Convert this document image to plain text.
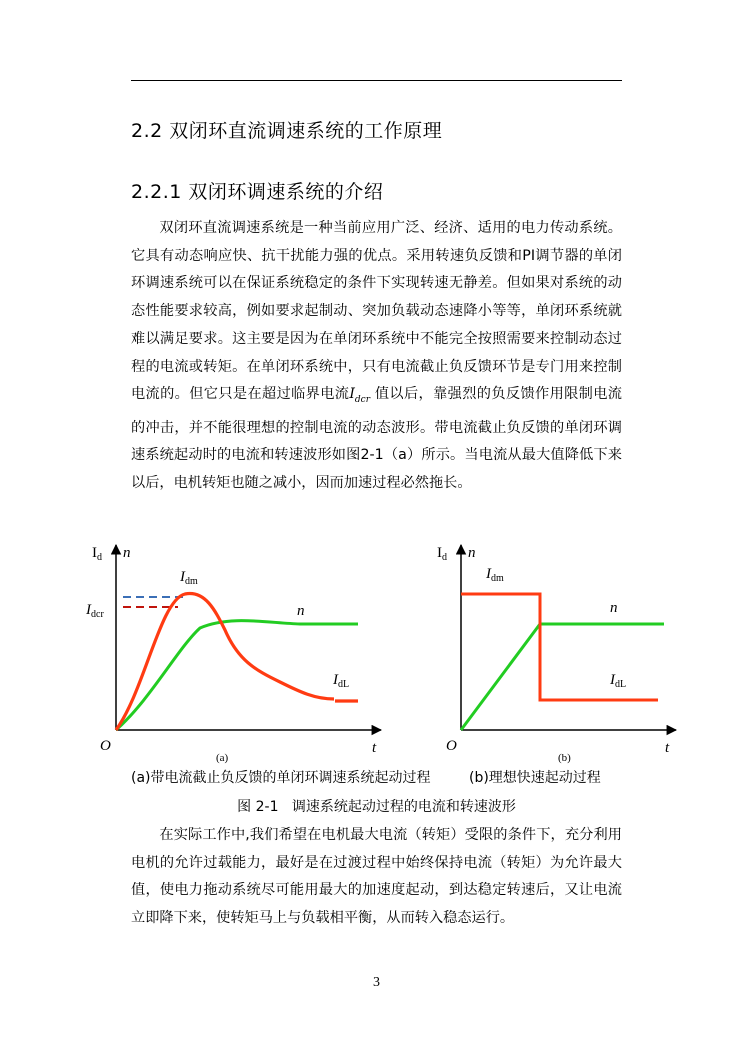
2.2 双闭环直流调速系统的工作原理
2.2.1 双闭环调速系统的介绍

双闭环直流调速系统是一种当前应用广泛、经济、适用的电力传动系统。它具有动态响应快、抗干扰能力强的优点。采用转速负反馈和PI调节器的单闭环调速系统可以在保证系统稳定的条件下实现转速无静差。但如果对系统的动态性能要求较高，例如要求起制动、突加负载动态速降小等等，单闭环系统就难以满足要求。这主要是因为在单闭环系统中不能完全按照需要来控制动态过程的电流或转矩。在单闭环系统中，只有电流截止负反馈环节是专门用来控制电流的。但它只是在超过临界电流$I_{dcr}$ 值以后，靠强烈的负反馈作用限制电流的冲击，并不能很理想的控制电流的动态波形。带电流截止负反馈的单闭环调速系统起动时的电流和转速波形如图2-1（a）所示。当电流从最大值降低下来以后，电机转矩也随之减小，因而加速过程必然拖长。

$I_d$ n
$I_{dm}$
$I_{dcr}$	n
$I_{dL}$
O	t
(a)
$I_d$ n
$I_{dm}$
n
$I_{dL}$
O	t
(b)
(a)带电流截止负反馈的单闭环调速系统起动过程	(b)理想快速起动过程
图 2-1   调速系统起动过程的电流和转速波形

在实际工作中,我们希望在电机最大电流（转矩）受限的条件下，充分利用电机的允许过载能力，最好是在过渡过程中始终保持电流（转矩）为允许最大值，使电力拖动系统尽可能用最大的加速度起动，到达稳定转速后，又让电流立即降下来，使转矩马上与负载相平衡，从而转入稳态运行。

3
